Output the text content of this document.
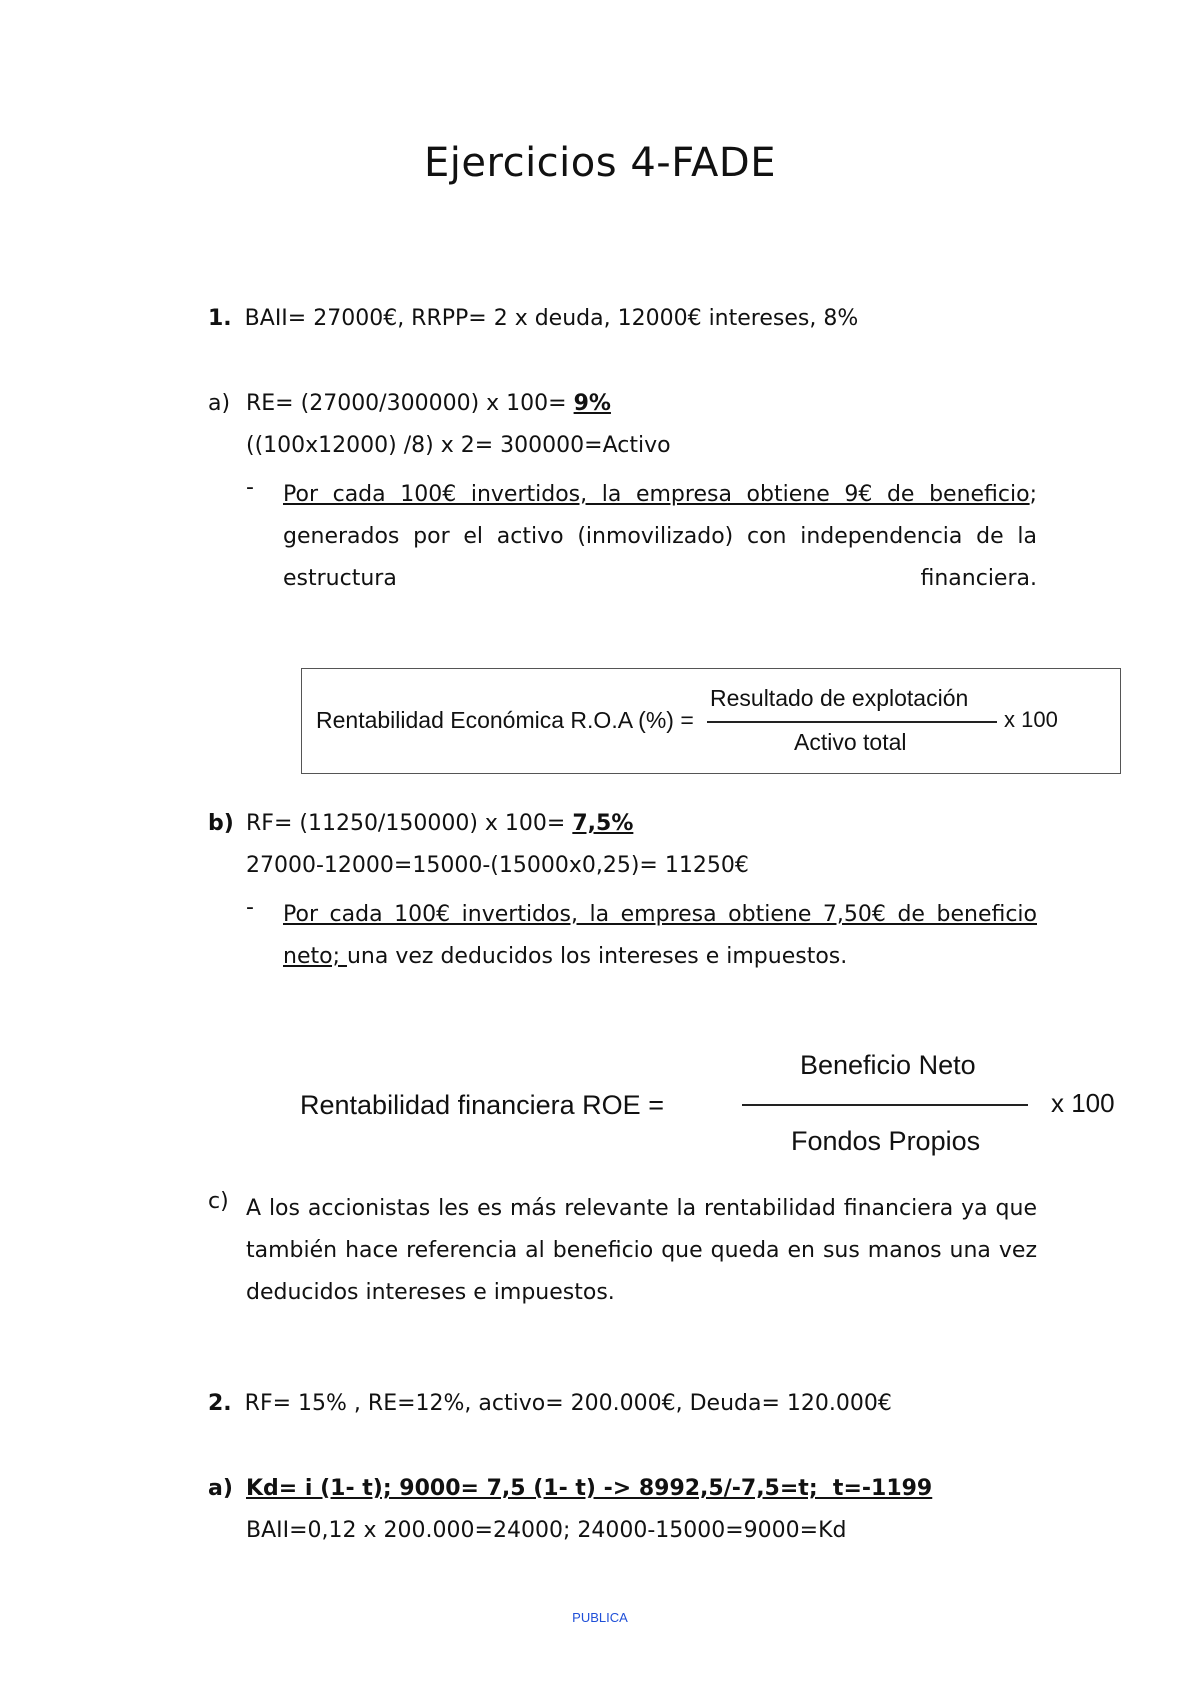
Ejercicios 4-FADE
1. BAII= 27000€, RRPP= 2 x deuda, 12000€ intereses, 8%
a) RE= (27000/300000) x 100= 9%
((100x12000) /8) x 2= 300000=Activo
- Por cada 100€ invertidos, la empresa obtiene 9€ de beneficio; generados por el activo (inmovilizado) con independencia de la estructura financiera.
Rentabilidad Económica R.O.A (%) =
Resultado de explotación
Activo total
x 100
b) RF= (11250/150000) x 100= 7,5%
27000-12000=15000-(15000x0,25)= 11250€
- Por cada 100€ invertidos, la empresa obtiene 7,50€ de beneficio neto; una vez deducidos los intereses e impuestos.
Rentabilidad financiera ROE =
Beneficio Neto
Fondos Propios
x 100
c) A los accionistas les es más relevante la rentabilidad financiera ya que también hace referencia al beneficio que queda en sus manos una vez deducidos intereses e impuestos.
2. RF= 15% , RE=12%, activo= 200.000€, Deuda= 120.000€
a) Kd= i (1- t); 9000= 7,5 (1- t) -> 8992,5/-7,5=t;  t=-1199
BAII=0,12 x 200.000=24000; 24000-15000=9000=Kd
PUBLICA
